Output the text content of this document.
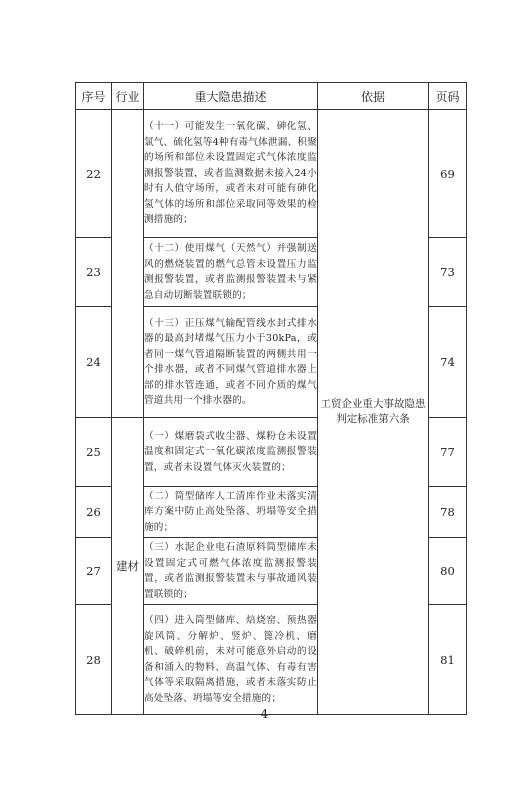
序号	行业	重大隐患描述	依据	页码
22		（十一）可能发生一氧化碳、砷化氢、氯气、硫化氢等4种有毒气体泄漏、积聚的场所和部位未设置固定式气体浓度监测报警装置，或者监测数据未接入24小时有人值守场所，或者未对可能有砷化氢气体的场所和部位采取同等效果的检测措施的；	工贸企业重大事故隐患判定标准第六条	69
23		（十二）使用煤气（天然气）并强制送风的燃烧装置的燃气总管未设置压力监测报警装置，或者监测报警装置未与紧急自动切断装置联锁的；		73
24		（十三）正压煤气输配管线水封式排水器的最高封堵煤气压力小于30kPa，或者同一煤气管道隔断装置的两侧共用一个排水器，或者不同煤气管道排水器上部的排水管连通，或者不同介质的煤气管道共用一个排水器的。		74
25	建材	（一）煤磨袋式收尘器、煤粉仓未设置温度和固定式一氧化碳浓度监测报警装置，或者未设置气体灭火装置的；		77
26		（二）筒型储库人工清库作业未落实清库方案中防止高处坠落、坍塌等安全措施的；		78
27		（三）水泥企业电石渣原料筒型储库未设置固定式可燃气体浓度监测报警装置，或者监测报警装置未与事故通风装置联锁的；		80
28		（四）进入筒型储库、焙烧窑、预热器旋风筒、分解炉、竖炉、篦冷机、磨机、破碎机前，未对可能意外启动的设备和涌入的物料、高温气体、有毒有害气体等采取隔离措施，或者未落实防止高处坠落、坍塌等安全措施的；		81
4
